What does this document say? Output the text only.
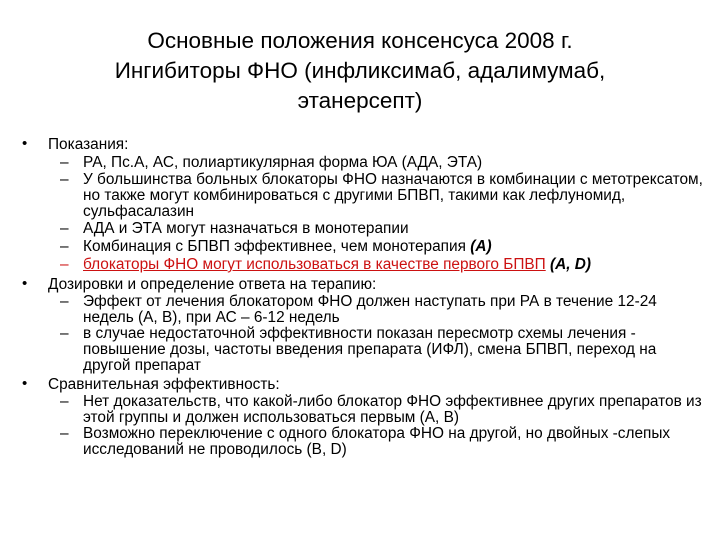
Основные положения консенсуса 2008 г.
Ингибиторы ФНО (инфликсимаб, адалимумаб,
этанерсепт)
• Показания:
– РА, Пс.А, АС, полиартикулярная форма ЮА (АДА, ЭТА)
– У большинства больных блокаторы ФНО назначаются в комбинации с метотрексатом, но также могут комбинироваться с другими БПВП, такими как лефлуномид, сульфасалазин
– АДА и ЭТА могут назначаться в монотерапии
– Комбинация с БПВП эффективнее, чем монотерапия (А)
– блокаторы ФНО могут использоваться в качестве первого БПВП (A, D)
• Дозировки и определение ответа на терапию:
– Эффект от лечения блокатором ФНО должен наступать при РА в течение 12-24 недель (А, В), при АС – 6-12 недель
– в случае недостаточной эффективности показан пересмотр схемы лечения - повышение дозы, частоты введения препарата (ИФЛ), смена БПВП, переход на другой препарат
• Сравнительная эффективность:
– Нет доказательств, что какой-либо блокатор ФНО эффективнее других препаратов из этой группы и должен использоваться первым (А, В)
– Возможно переключение с одного блокатора ФНО на другой, но двойных -слепых исследований не проводилось (В, D)
